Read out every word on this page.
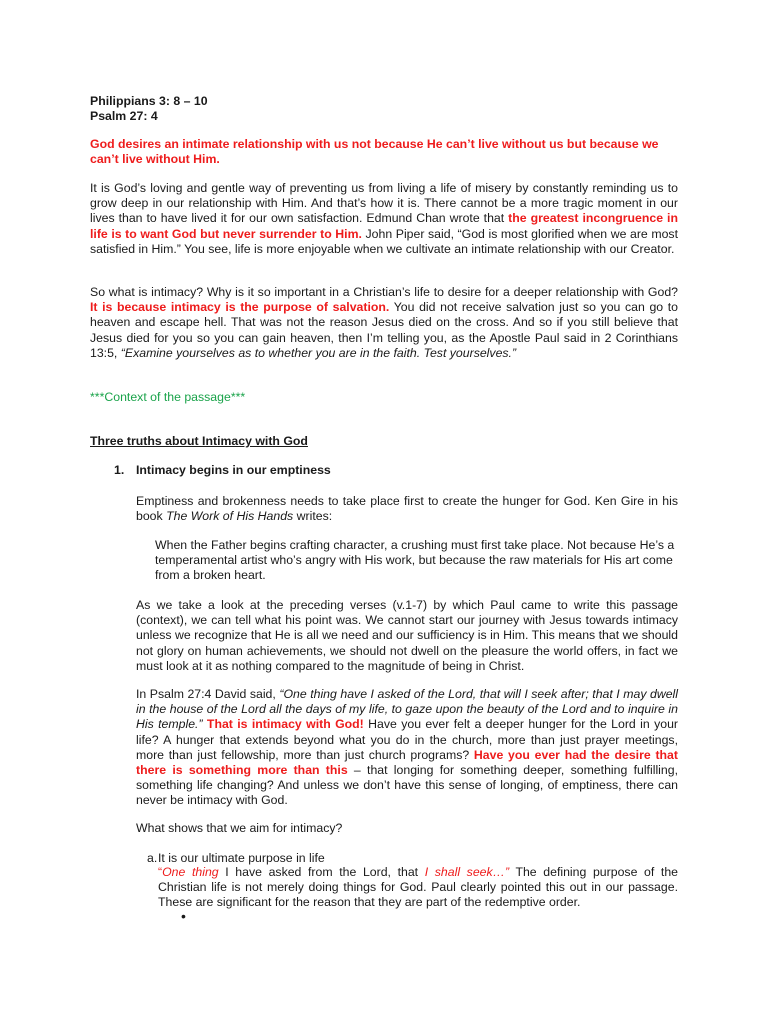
Philippians 3: 8 – 10
Psalm 27: 4

God desires an intimate relationship with us not because He can’t live without us but because we can’t live without Him.

It is God’s loving and gentle way of preventing us from living a life of misery by constantly reminding us to grow deep in our relationship with Him. And that’s how it is. There cannot be a more tragic moment in our lives than to have lived it for our own satisfaction. Edmund Chan wrote that the greatest incongruence in life is to want God but never surrender to Him. John Piper said, “God is most glorified when we are most satisfied in Him.” You see, life is more enjoyable when we cultivate an intimate relationship with our Creator.

So what is intimacy? Why is it so important in a Christian’s life to desire for a deeper relationship with God? It is because intimacy is the purpose of salvation. You did not receive salvation just so you can go to heaven and escape hell. That was not the reason Jesus died on the cross. And so if you still believe that Jesus died for you so you can gain heaven, then I’m telling you, as the Apostle Paul said in 2 Corinthians 13:5, “Examine yourselves as to whether you are in the faith. Test yourselves.”

***Context of the passage***

Three truths about Intimacy with God

1. Intimacy begins in our emptiness

Emptiness and brokenness needs to take place first to create the hunger for God. Ken Gire in his book The Work of His Hands writes:

When the Father begins crafting character, a crushing must first take place. Not because He’s a temperamental artist who’s angry with His work, but because the raw materials for His art come from a broken heart.

As we take a look at the preceding verses (v.1-7) by which Paul came to write this passage (context), we can tell what his point was. We cannot start our journey with Jesus towards intimacy unless we recognize that He is all we need and our sufficiency is in Him. This means that we should not glory on human achievements, we should not dwell on the pleasure the world offers, in fact we must look at it as nothing compared to the magnitude of being in Christ.

In Psalm 27:4 David said, “One thing have I asked of the Lord, that will I seek after; that I may dwell in the house of the Lord all the days of my life, to gaze upon the beauty of the Lord and to inquire in His temple.” That is intimacy with God! Have you ever felt a deeper hunger for the Lord in your life? A hunger that extends beyond what you do in the church, more than just prayer meetings, more than just fellowship, more than just church programs? Have you ever had the desire that there is something more than this – that longing for something deeper, something fulfilling, something life changing? And unless we don’t have this sense of longing, of emptiness, there can never be intimacy with God.

What shows that we aim for intimacy?

a. It is our ultimate purpose in life

“One thing I have asked from the Lord, that I shall seek…” The defining purpose of the Christian life is not merely doing things for God. Paul clearly pointed this out in our passage. These are significant for the reason that they are part of the redemptive order.

•
